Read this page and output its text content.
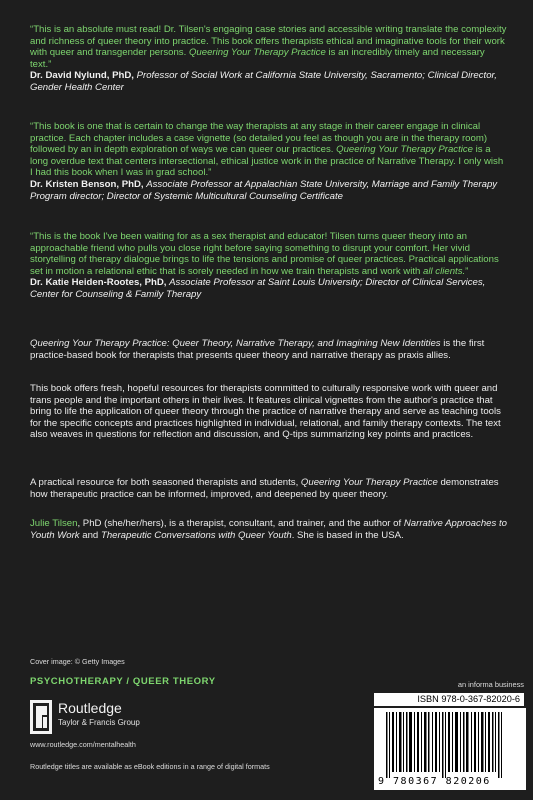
“This is an absolute must read! Dr. Tilsen's engaging case stories and accessible writing translate the complexity and richness of queer theory into practice. This book offers therapists ethical and imaginative tools for their work with queer and transgender persons. Queering Your Therapy Practice is an incredibly timely and necessary text.”
Dr. David Nylund, PhD, Professor of Social Work at California State University, Sacramento; Clinical Director, Gender Health Center
“This book is one that is certain to change the way therapists at any stage in their career engage in clinical practice. Each chapter includes a case vignette (so detailed you feel as though you are in the therapy room) followed by an in depth exploration of ways we can queer our practices. Queering Your Therapy Practice is a long overdue text that centers intersectional, ethical justice work in the practice of Narrative Therapy. I only wish I had this book when I was in grad school.”
Dr. Kristen Benson, PhD, Associate Professor at Appalachian State University, Marriage and Family Therapy Program director; Director of Systemic Multicultural Counseling Certificate
“This is the book I've been waiting for as a sex therapist and educator! Tilsen turns queer theory into an approachable friend who pulls you close right before saying something to disrupt your comfort. Her vivid storytelling of therapy dialogue brings to life the tensions and promise of queer practices. Practical applications set in motion a relational ethic that is sorely needed in how we train therapists and work with all clients.”
Dr. Katie Heiden-Rootes, PhD, Associate Professor at Saint Louis University; Director of Clinical Services, Center for Counseling & Family Therapy
Queering Your Therapy Practice: Queer Theory, Narrative Therapy, and Imagining New Identities is the first practice-based book for therapists that presents queer theory and narrative therapy as praxis allies.
This book offers fresh, hopeful resources for therapists committed to culturally responsive work with queer and trans people and the important others in their lives. It features clinical vignettes from the author's practice that bring to life the application of queer theory through the practice of narrative therapy and serve as teaching tools for the specific concepts and practices highlighted in individual, relational, and family therapy contexts. The text also weaves in questions for reflection and discussion, and Q-tips summarizing key points and practices.
A practical resource for both seasoned therapists and students, Queering Your Therapy Practice demonstrates how therapeutic practice can be informed, improved, and deepened by queer theory.
Julie Tilsen, PhD (she/her/hers), is a therapist, consultant, and trainer, and the author of Narrative Approaches to Youth Work and Therapeutic Conversations with Queer Youth. She is based in the USA.
Cover image: © Getty Images
PSYCHOTHERAPY / QUEER THEORY
Routledge
Taylor & Francis Group
www.routledge.com/mentalhealth
Routledge titles are available as eBook editions in a range of digital formats
an informa business
ISBN 978-0-367-82020-6
9 780367 820206
